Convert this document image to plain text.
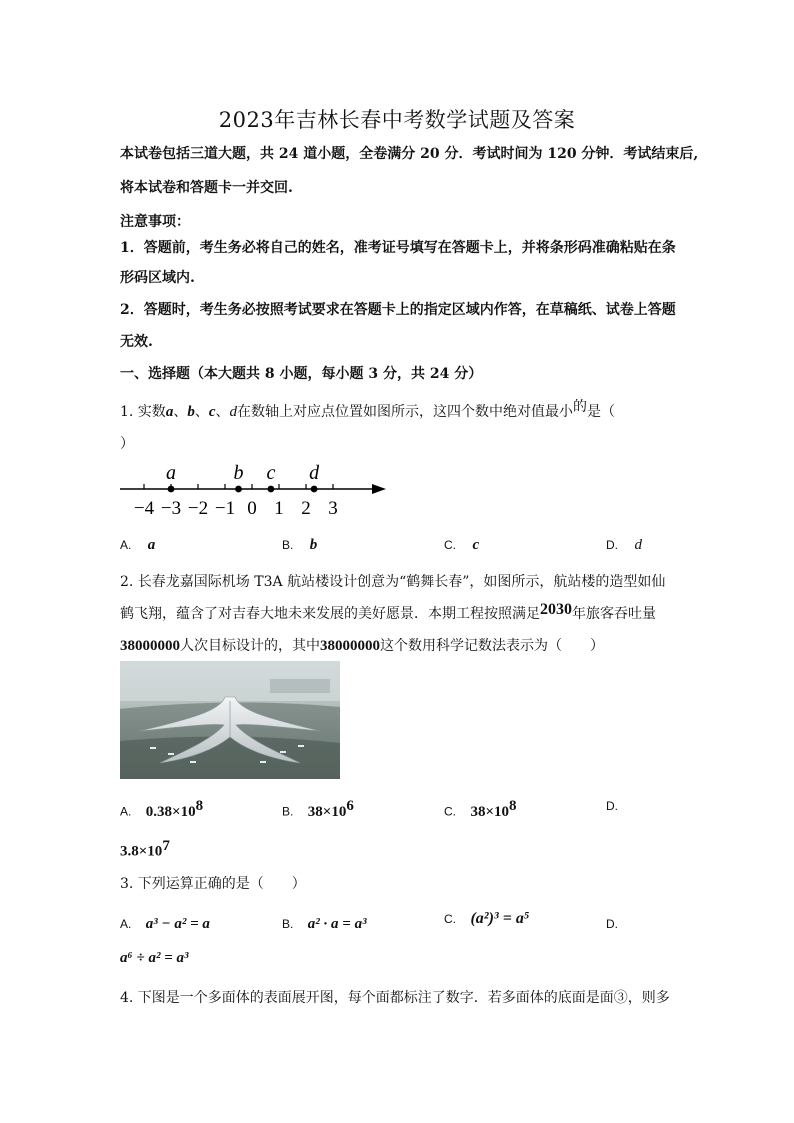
2023年吉林长春中考数学试题及答案
本试卷包括三道大题，共 24 道小题，全卷满分 20 分．考试时间为 120 分钟．考试结束后,
将本试卷和答题卡一并交回.
注意事项：
1．答题前，考生务必将自己的姓名，准考证号填写在答题卡上，并将条形码准确粘贴在条
形码区域内.
2．答题时，考生务必按照考试要求在答题卡上的指定区域内作答，在草稿纸、试卷上答题
无效.
一、选择题（本大题共 8 小题，每小题 3 分，共 24 分）
1. 实数a、b、c、d在数轴上对应点位置如图所示，这四个数中绝对值最小的是（
）
−4 −3 −2 −1 0 1 2 3
a	b c d
A. a	B. b	C. c	D. d
2. 长春龙嘉国际机场 T3A 航站楼设计创意为“鹤舞长春”，如图所示，航站楼的造型如仙
鹤飞翔，蕴含了对吉春大地未来发展的美好愿景．本期工程按照满足2030年旅客吞吐量
38000000人次目标设计的，其中38000000这个数用科学记数法表示为（　　）
A. $0.38\times 10^8$	B. $38\times 10^6$	C. $38\times 10^8$	D.
$3.8\times 10^7$
3. 下列运算正确的是（　　）
A. a³ − a² = a	B. a² · a = a³	C. (a²)³ = a⁵	D.
a⁶ ÷ a² = a³
4. 下图是一个多面体的表面展开图，每个面都标注了数字．若多面体的底面是面③，则多
